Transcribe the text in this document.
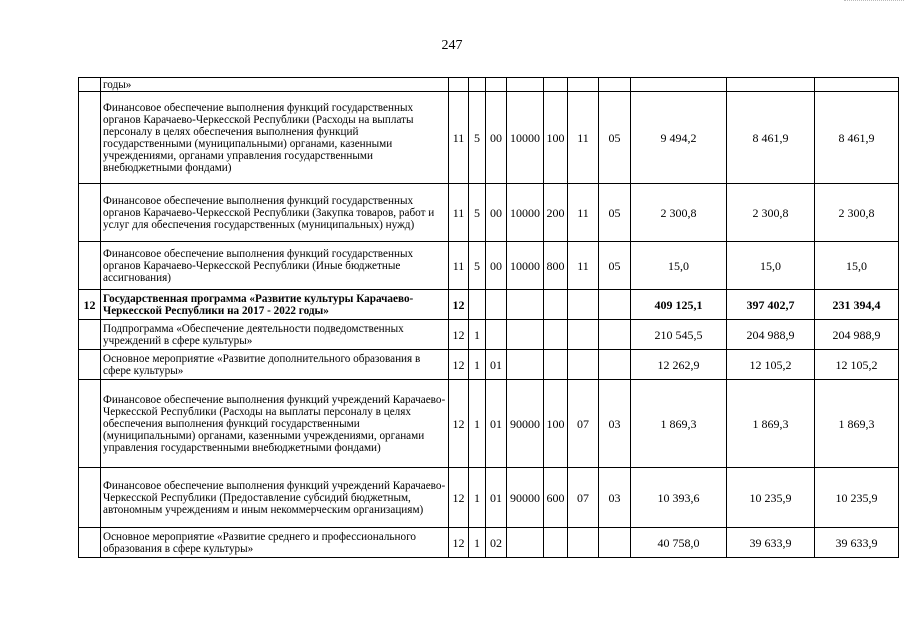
247
	годы»										
	Финансовое обеспечение выполнения функций государственных органов Карачаево-Черкесской Республики (Расходы на выплаты персоналу в целях обеспечения выполнения функций государственными (муниципальными) органами, казенными учреждениями, органами управления государственными внебюджетными фондами)	11	5	00	10000	100	11	05	9 494,2	8 461,9	8 461,9
	Финансовое обеспечение выполнения функций государственных органов Карачаево-Черкесской Республики (Закупка товаров, работ и услуг для обеспечения государственных (муниципальных) нужд)	11	5	00	10000	200	11	05	2 300,8	2 300,8	2 300,8
	Финансовое обеспечение выполнения функций государственных органов Карачаево-Черкесской Республики (Иные бюджетные ассигнования)	11	5	00	10000	800	11	05	15,0	15,0	15,0
12	Государственная программа «Развитие культуры Карачаево-Черкесской Республики на 2017 - 2022 годы»	12							409 125,1	397 402,7	231 394,4
	Подпрограмма «Обеспечение деятельности подведомственных учреждений в сфере культуры»	12	1						210 545,5	204 988,9	204 988,9
	Основное мероприятие «Развитие дополнительного образования в сфере культуры»	12	1	01					12 262,9	12 105,2	12 105,2
	Финансовое обеспечение выполнения функций учреждений Карачаево-Черкесской Республики (Расходы на выплаты персоналу в целях обеспечения выполнения функций государственными (муниципальными) органами, казенными учреждениями, органами управления государственными внебюджетными фондами)	12	1	01	90000	100	07	03	1 869,3	1 869,3	1 869,3
	Финансовое обеспечение выполнения функций учреждений Карачаево-Черкесской Республики (Предоставление субсидий бюджетным, автономным учреждениям и иным некоммерческим организациям)	12	1	01	90000	600	07	03	10 393,6	10 235,9	10 235,9
	Основное мероприятие «Развитие среднего и профессионального образования в сфере культуры»	12	1	02					40 758,0	39 633,9	39 633,9
